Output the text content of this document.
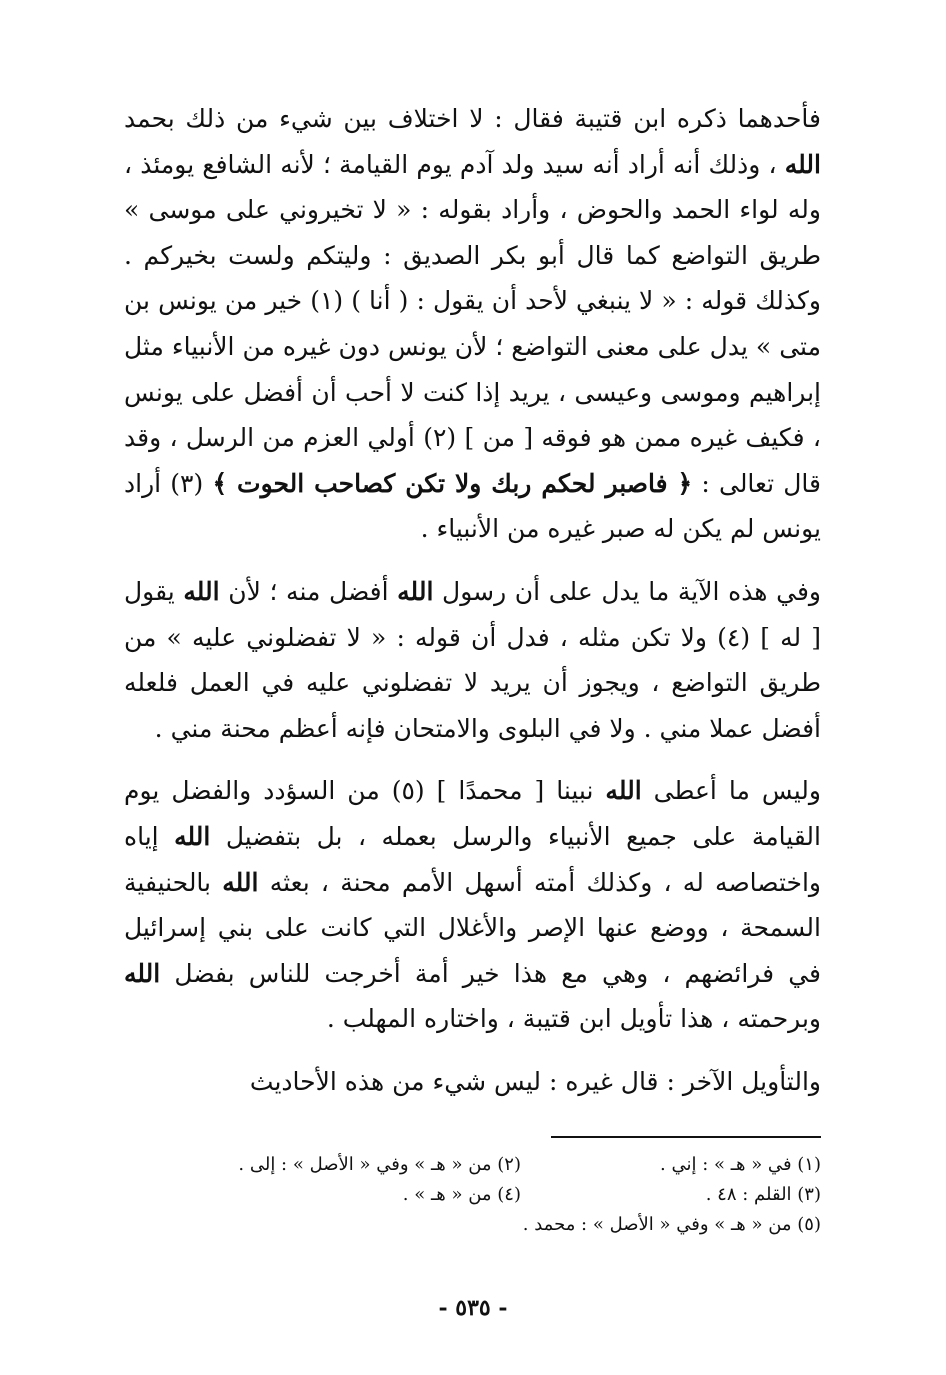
فأحدهما ذكره ابن قتيبة فقال : لا اختلاف بين شيء من ذلك بحمد الله ، وذلك أنه أراد أنه سيد ولد آدم يوم القيامة ؛ لأنه الشافع يومئذ ، وله لواء الحمد والحوض ، وأراد بقوله : « لا تخيروني على موسى » طريق التواضع كما قال أبو بكر الصديق : وليتكم ولست بخيركم . وكذلك قوله : « لا ينبغي لأحد أن يقول : ( أنا ) (١) خير من يونس بن متى » يدل على معنى التواضع ؛ لأن يونس دون غيره من الأنبياء مثل إبراهيم وموسى وعيسى ، يريد إذا كنت لا أحب أن أفضل على يونس ، فكيف غيره ممن هو فوقه [ من ] (٢) أولي العزم من الرسل ، وقد قال تعالى : ﴿ فاصبر لحكم ربك ولا تكن كصاحب الحوت ﴾ (٣) أراد يونس لم يكن له صبر غيره من الأنبياء .

وفي هذه الآية ما يدل على أن رسول الله أفضل منه ؛ لأن الله يقول [ له ] (٤) ولا تكن مثله ، فدل أن قوله : « لا تفضلوني عليه » من طريق التواضع ، ويجوز أن يريد لا تفضلوني عليه في العمل فلعله أفضل عملا مني . ولا في البلوى والامتحان فإنه أعظم محنة مني .

وليس ما أعطى الله نبينا [ محمدًا ] (٥) من السؤدد والفضل يوم القيامة على جميع الأنبياء والرسل بعمله ، بل بتفضيل الله إياه واختصاصه له ، وكذلك أمته أسهل الأمم محنة ، بعثه الله بالحنيفية السمحة ، ووضع عنها الإصر والأغلال التي كانت على بني إسرائيل في فرائضهم ، وهي مع هذا خير أمة أخرجت للناس بفضل الله وبرحمته ، هذا تأويل ابن قتيبة ، واختاره المهلب .

والتأويل الآخر : قال غيره : ليس شيء من هذه الأحاديث

(١) في « هـ » : إني .
(٢) من « هـ » وفي « الأصل » : إلى .
(٣) القلم : ٤٨ .
(٤) من « هـ » .
(٥) من « هـ » وفي « الأصل » : محمد .
- ٥٣٥ -
